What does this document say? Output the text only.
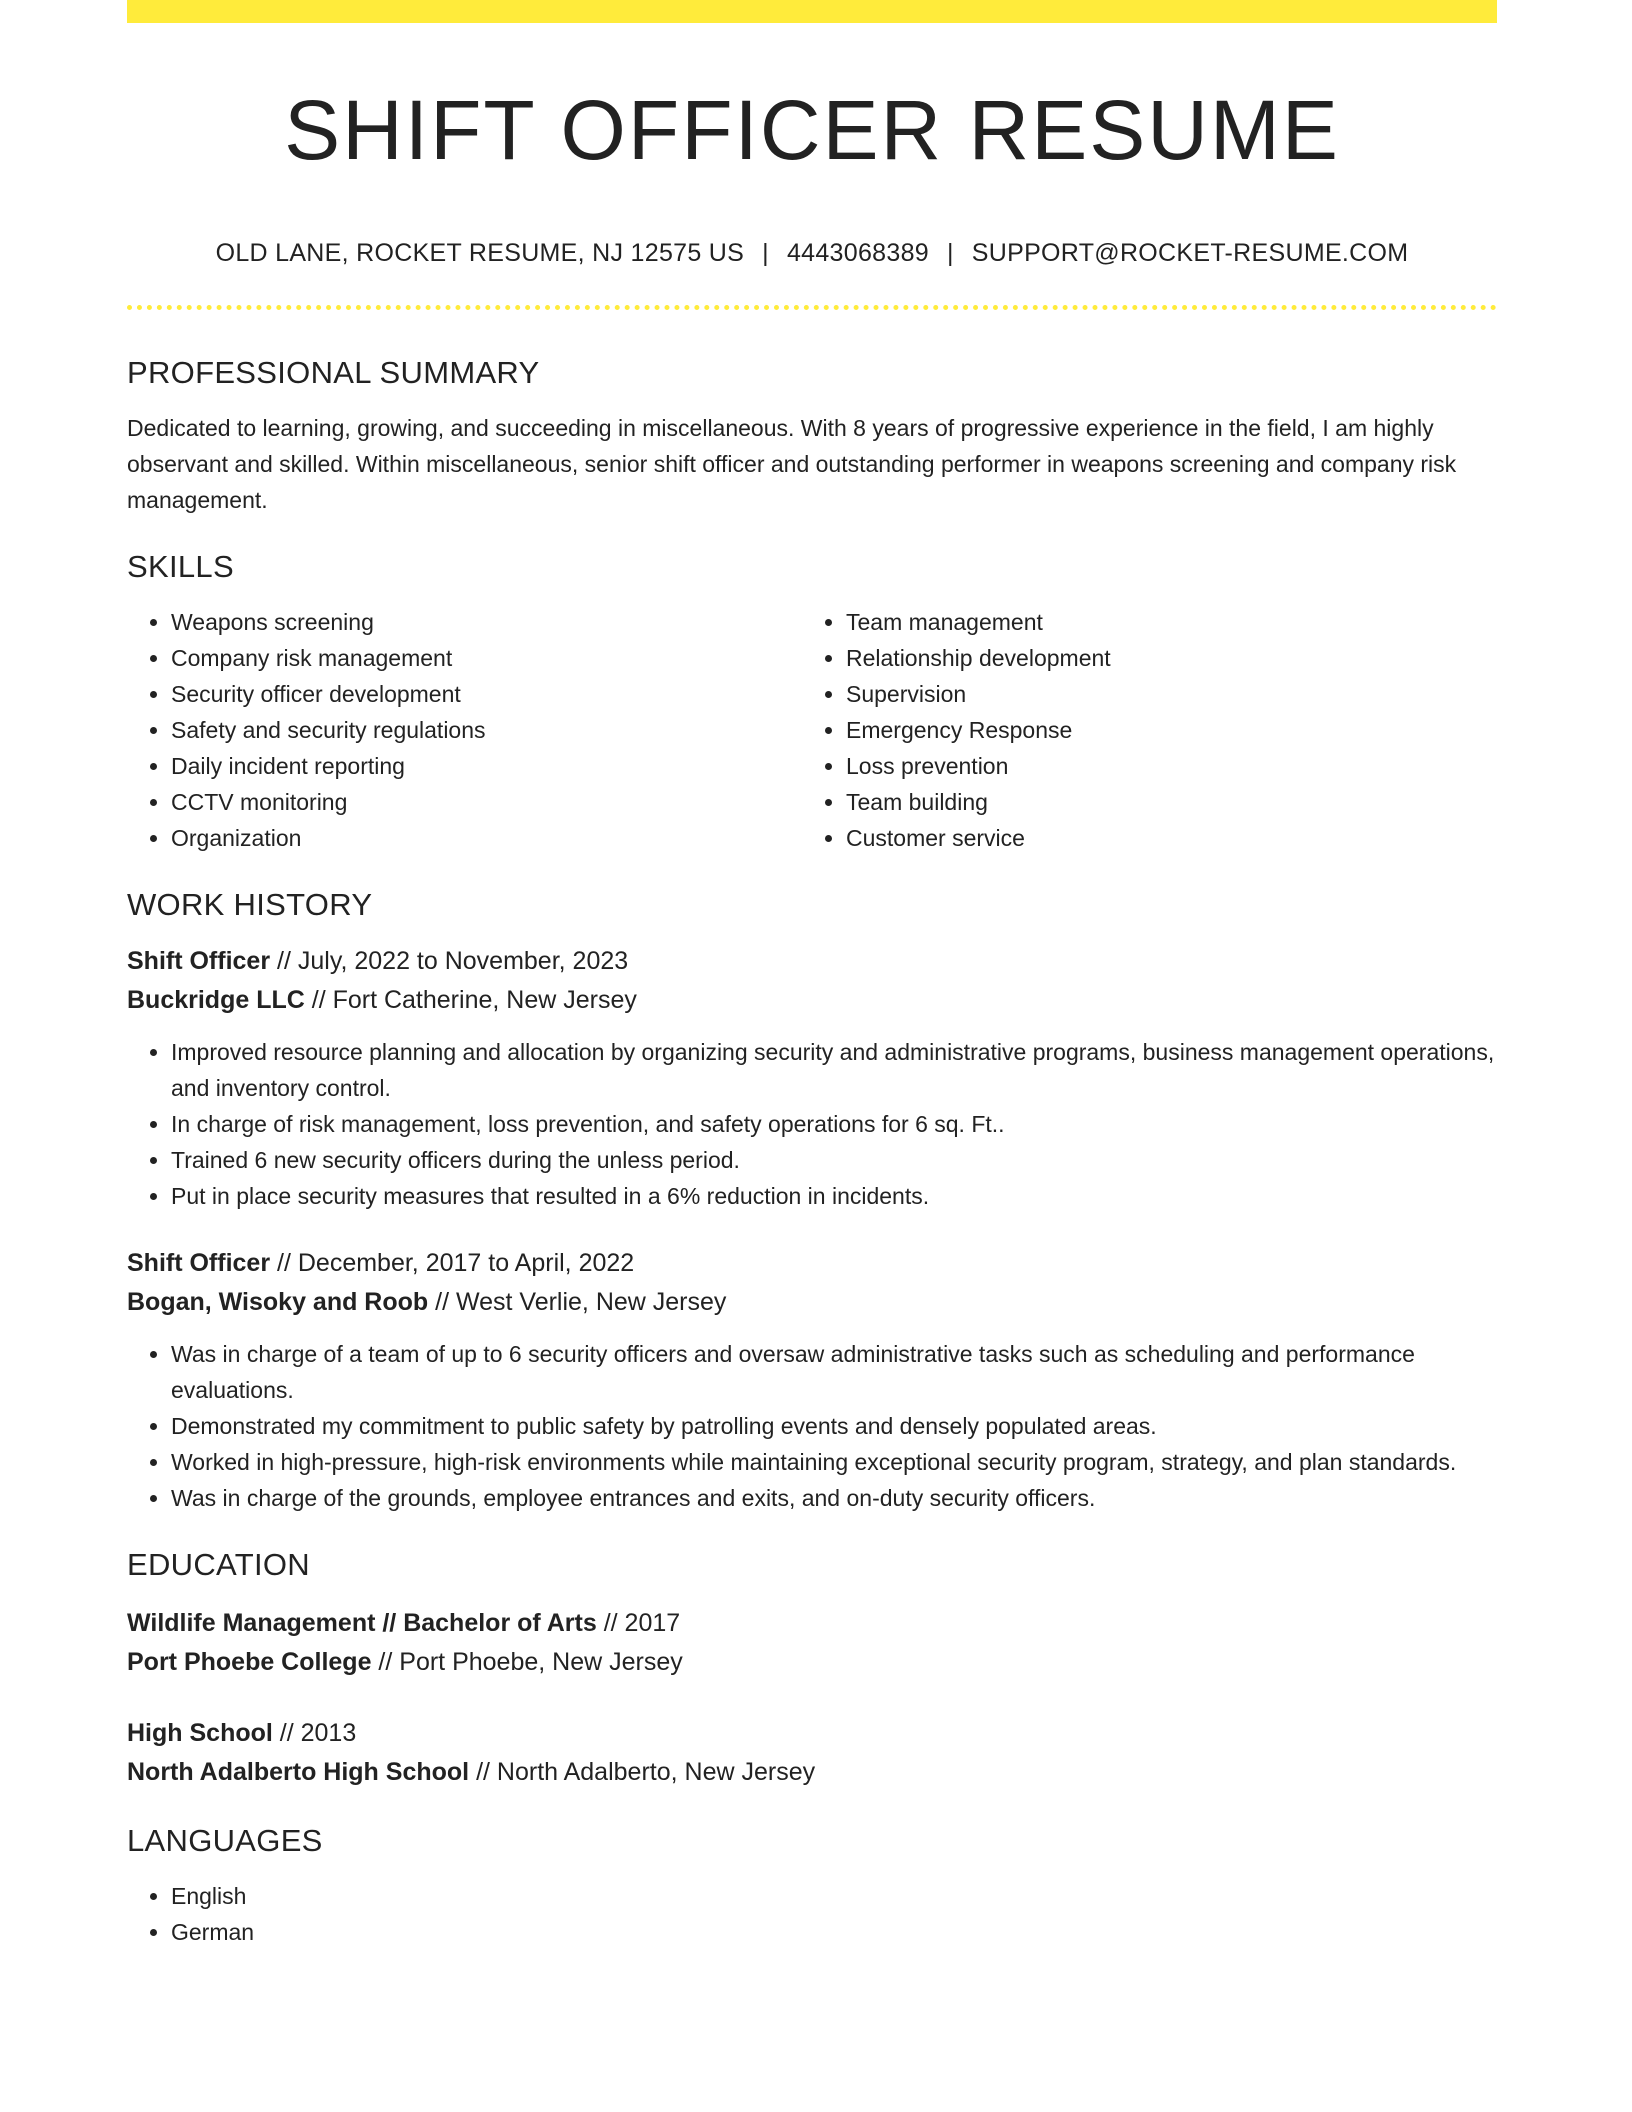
SHIFT OFFICER RESUME
OLD LANE, ROCKET RESUME, NJ 12575 US | 4443068389 | SUPPORT@ROCKET-RESUME.COM
PROFESSIONAL SUMMARY

Dedicated to learning, growing, and succeeding in miscellaneous. With 8 years of progressive experience in the field, I am highly observant and skilled. Within miscellaneous, senior shift officer and outstanding performer in weapons screening and company risk management.

SKILLS
• Weapons screening
• Company risk management
• Security officer development
• Safety and security regulations
• Daily incident reporting
• CCTV monitoring
• Organization
• Team management
• Relationship development
• Supervision
• Emergency Response
• Loss prevention
• Team building
• Customer service
WORK HISTORY
Shift Officer // July, 2022 to November, 2023
Buckridge LLC // Fort Catherine, New Jersey
• Improved resource planning and allocation by organizing security and administrative programs, business management operations, and inventory control.
• In charge of risk management, loss prevention, and safety operations for 6 sq. Ft..
• Trained 6 new security officers during the unless period.
• Put in place security measures that resulted in a 6% reduction in incidents.
Shift Officer // December, 2017 to April, 2022
Bogan, Wisoky and Roob // West Verlie, New Jersey
• Was in charge of a team of up to 6 security officers and oversaw administrative tasks such as scheduling and performance evaluations.
• Demonstrated my commitment to public safety by patrolling events and densely populated areas.
• Worked in high-pressure, high-risk environments while maintaining exceptional security program, strategy, and plan standards.
• Was in charge of the grounds, employee entrances and exits, and on-duty security officers.
EDUCATION
Wildlife Management // Bachelor of Arts // 2017
Port Phoebe College // Port Phoebe, New Jersey
High School // 2013
North Adalberto High School // North Adalberto, New Jersey
LANGUAGES
• English
• German
